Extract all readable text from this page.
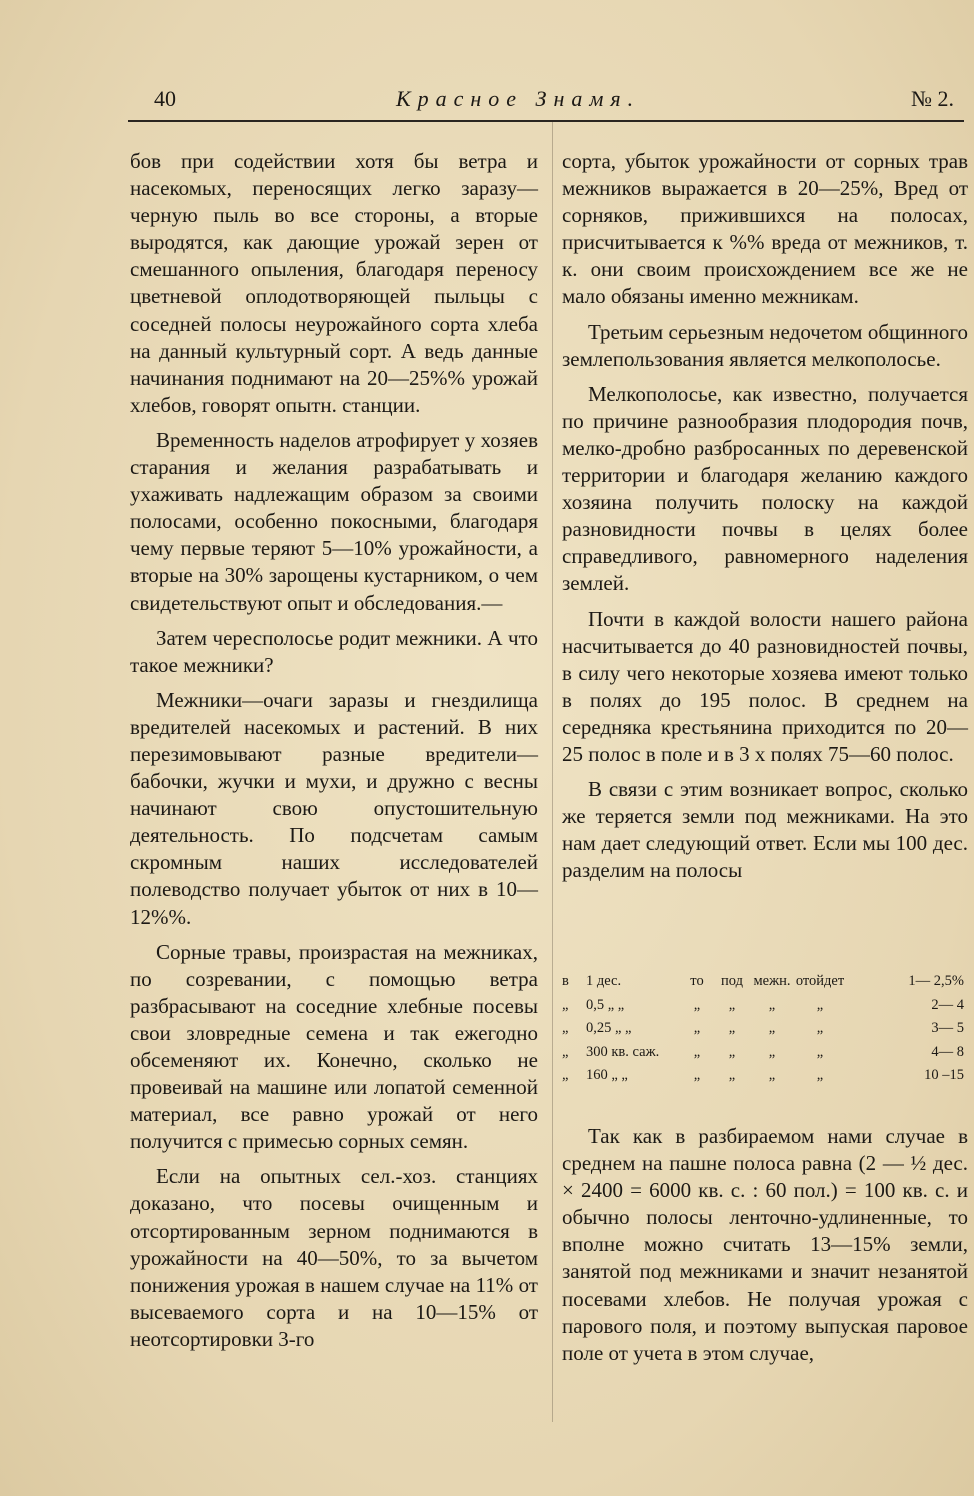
40	Красное Знамя.	№ 2.

бов при содействии хотя бы ветра и насекомых, переносящих легко заразу—черную пыль во все стороны, а вторые выродятся, как дающие урожай зерен от смешанного опыления, благодаря переносу цветневой оплодотворяющей пыльцы с соседней полосы неурожайного сорта хлеба на данный культурный сорт. А ведь данные начинания поднимают на 20—25%% урожай хлебов, говорят опытн. станции.

Временность наделов атрофирует у хозяев старания и желания разрабатывать и ухаживать надлежащим образом за своими полосами, особенно покосными, благодаря чему первые теряют 5—10% урожайности, а вторые на 30% зарощены кустарником, о чем свидетельствуют опыт и обследования.—

Затем чересполосье родит межники. А что такое межники?

Межники—очаги заразы и гнездилища вредителей насекомых и растений. В них перезимовывают разные вредители—бабочки, жучки и мухи, и дружно с весны начинают свою опустошительную деятельность. По подсчетам самым скромным наших исследователей полеводство получает убыток от них в 10—12%%.

Сорные травы, произрастая на межниках, по созревании, с помощью ветра разбрасывают на соседние хлебные посевы свои зловредные семена и так ежегодно обсеменяют их. Конечно, сколько не провеивай на машине или лопатой семенной материал, все равно урожай от него получится с примесью сорных семян.

Если на опытных сел.-хоз. станциях доказано, что посевы очищенным и отсортированным зерном поднимаются в урожайности на 40—50%, то за вычетом понижения урожая в нашем случае на 11% от высеваемого сорта и на 10—15% от неотсортировки 3-го

сорта, убыток урожайности от сорных трав межников выражается в 20—25%, Вред от сорняков, прижившихся на полосах, присчитывается к %% вреда от межников, т. к. они своим происхождением все же не мало обязаны именно межникам.

Третьим серьезным недочетом общинного землепользования является мелкополосье.

Мелкополосье, как известно, получается по причине разнообразия плодородия почв, мелко-дробно разбросанных по деревенской территории и благодаря желанию каждого хозяина получить полоску на каждой разновидности почвы в целях более справедливого, равномерного наделения землей.

Почти в каждой волости нашего района насчитывается до 40 разновидностей почвы, в силу чего некоторые хозяева имеют только в полях до 195 полос. В среднем на середняка крестьянина приходится по 20—25 полос в поле и в 3 х полях 75—60 полос.

В связи с этим возникает вопрос, сколько же теряется земли под межниками. На это нам дает следующий ответ. Если мы 100 дес. разделим на полосы

в	1 дес.	то	под	межн.	отойдет	1— 2,5%
„	0,5 „ „	„	„	„	„	2— 4
„	0,25 „ „	„	„	„	„	3— 5
„	300 кв. саж.	„	„	„	„	4— 8
„	160 „ „	„	„	„	„	10 –15

Так как в разбираемом нами случае в среднем на пашне полоса равна (2 — ½ дес. × 2400 = 6000 кв. с. : 60 пол.) = 100 кв. с. и обычно полосы ленточно-удлиненные, то вполне можно считать 13—15% земли, занятой под межниками и значит незанятой посевами хлебов. Не получая урожая с парового поля, и поэтому выпуская паровое поле от учета в этом случае,
